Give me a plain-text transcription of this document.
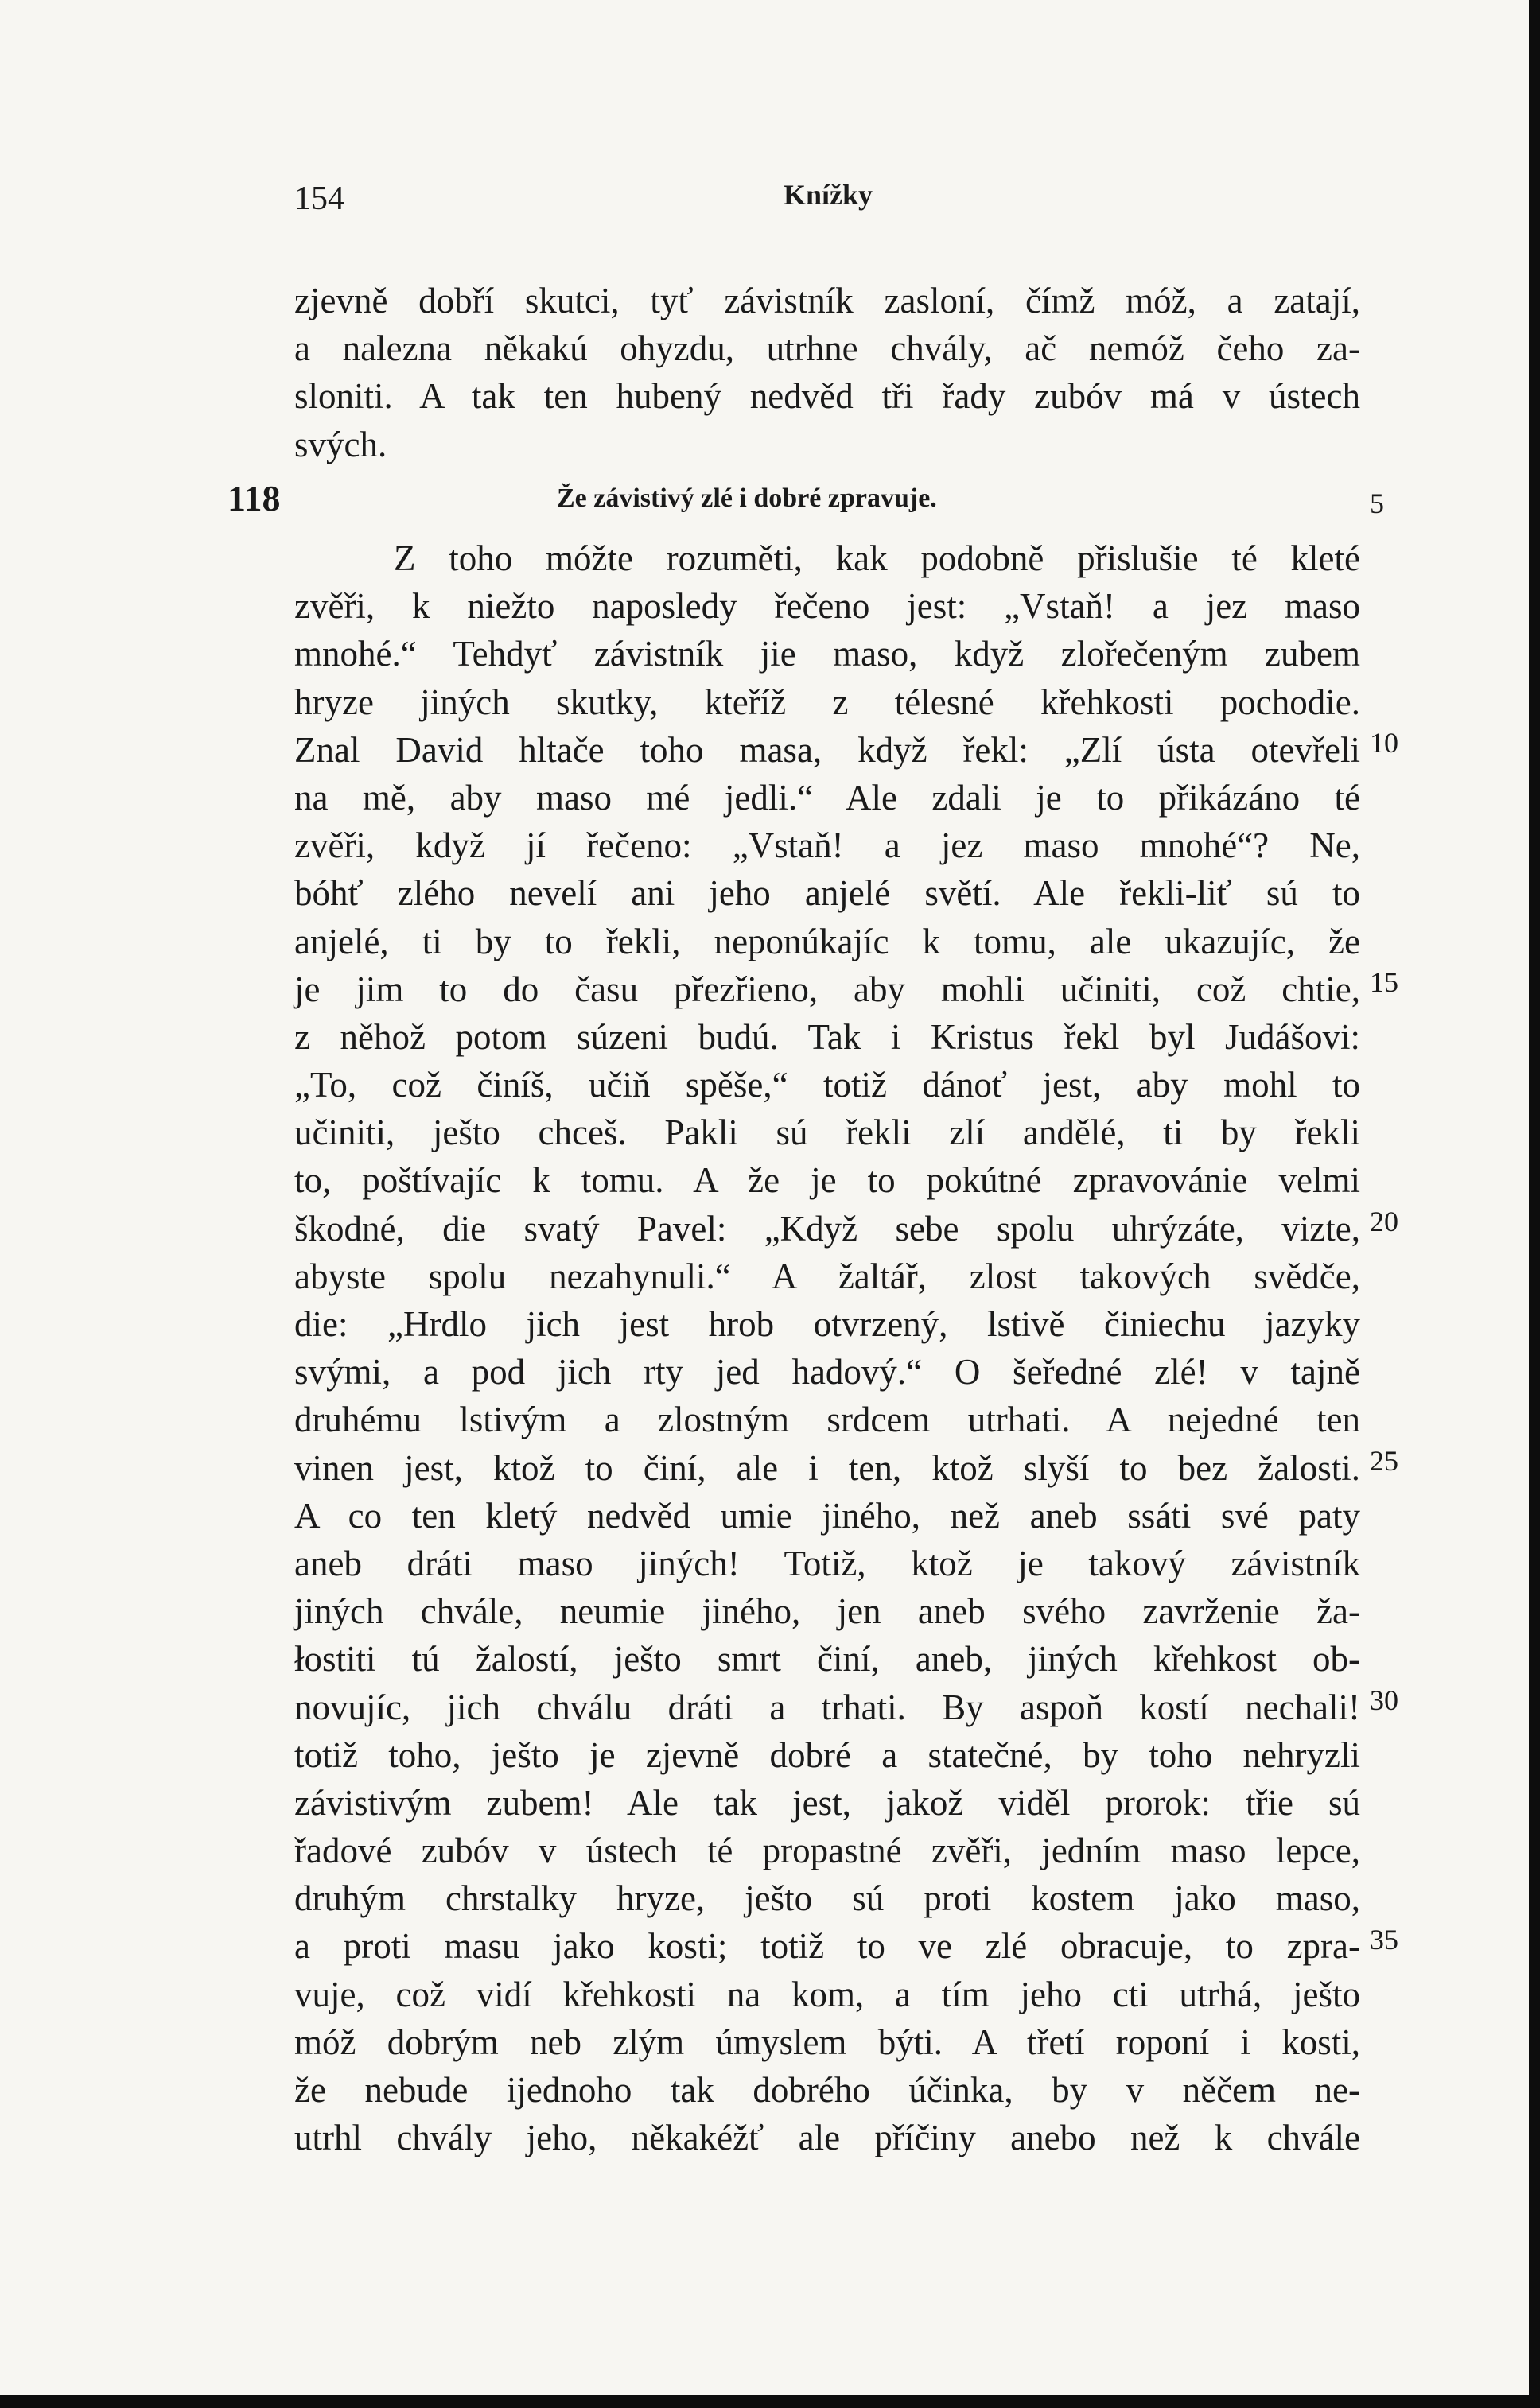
154	Knížky
zjevně dobří skutci, tyť závistník zasloní, čímž móž, a zatají,
a nalezna někakú ohyzdu, utrhne chvály, ač nemóž čeho za-
sloniti. A tak ten hubený nedvěd tři řady zubóv má v ústech
svých.
118	Že závistivý zlé i dobré zpravuje.
Z toho móžte rozuměti, kak podobně přislušie té kleté
zvěři, k niežto naposledy řečeno jest: „Vstaň! a jez maso
mnohé.“ Tehdyť závistník jie maso, když zlořečeným zubem
hryze jiných skutky, kteříž z télesné křehkosti pochodie.
Znal David hltače toho masa, když řekl: „Zlí ústa otevřeli
na mě, aby maso mé jedli.“ Ale zdali je to přikázáno té
zvěři, když jí řečeno: „Vstaň! a jez maso mnohé“? Ne,
bóhť zlého nevelí ani jeho anjelé světí. Ale řekli-liť sú to
anjelé, ti by to řekli, neponúkajíc k tomu, ale ukazujíc, že
je jim to do času přezřieno, aby mohli učiniti, což chtie,
z něhož potom súzeni budú. Tak i Kristus řekl byl Judášovi:
„To, což činíš, učiň spěše,“ totiž dánoť jest, aby mohl to
učiniti, ješto chceš. Pakli sú řekli zlí andělé, ti by řekli
to, poštívajíc k tomu. A že je to pokútné zpravovánie velmi
škodné, die svatý Pavel: „Když sebe spolu uhrýzáte, vizte,
abyste spolu nezahynuli.“ A žaltář, zlost takových svědče,
die: „Hrdlo jich jest hrob otvrzený, lstivě činiechu jazyky
svými, a pod jich rty jed hadový.“ O šeředné zlé! v tajně
druhému lstivým a zlostným srdcem utrhati. A nejedné ten
vinen jest, ktož to činí, ale i ten, ktož slyší to bez žalosti.
A co ten kletý nedvěd umie jiného, než aneb ssáti své paty
aneb dráti maso jiných! Totiž, ktož je takový závistník
jiných chvále, neumie jiného, jen aneb svého zavrženie ža-
łostiti tú žalostí, ješto smrt činí, aneb, jiných křehkost ob-
novujíc, jich chválu dráti a trhati. By aspoň kostí nechali!
totiž toho, ješto je zjevně dobré a statečné, by toho nehryzli
závistivým zubem! Ale tak jest, jakož viděl prorok: třie sú
řadové zubóv v ústech té propastné zvěři, jedním maso lepce,
druhým chrstalky hryze, ješto sú proti kostem jako maso,
a proti masu jako kosti; totiž to ve zlé obracuje, to zpra-
vuje, což vidí křehkosti na kom, a tím jeho cti utrhá, ješto
móž dobrým neb zlým úmyslem býti. A třetí roponí i kosti,
že nebude ijednoho tak dobrého účinka, by v něčem ne-
utrhl chvály jeho, někakéžť ale příčiny anebo než k chvále
5
10
15
20
25
30
35
